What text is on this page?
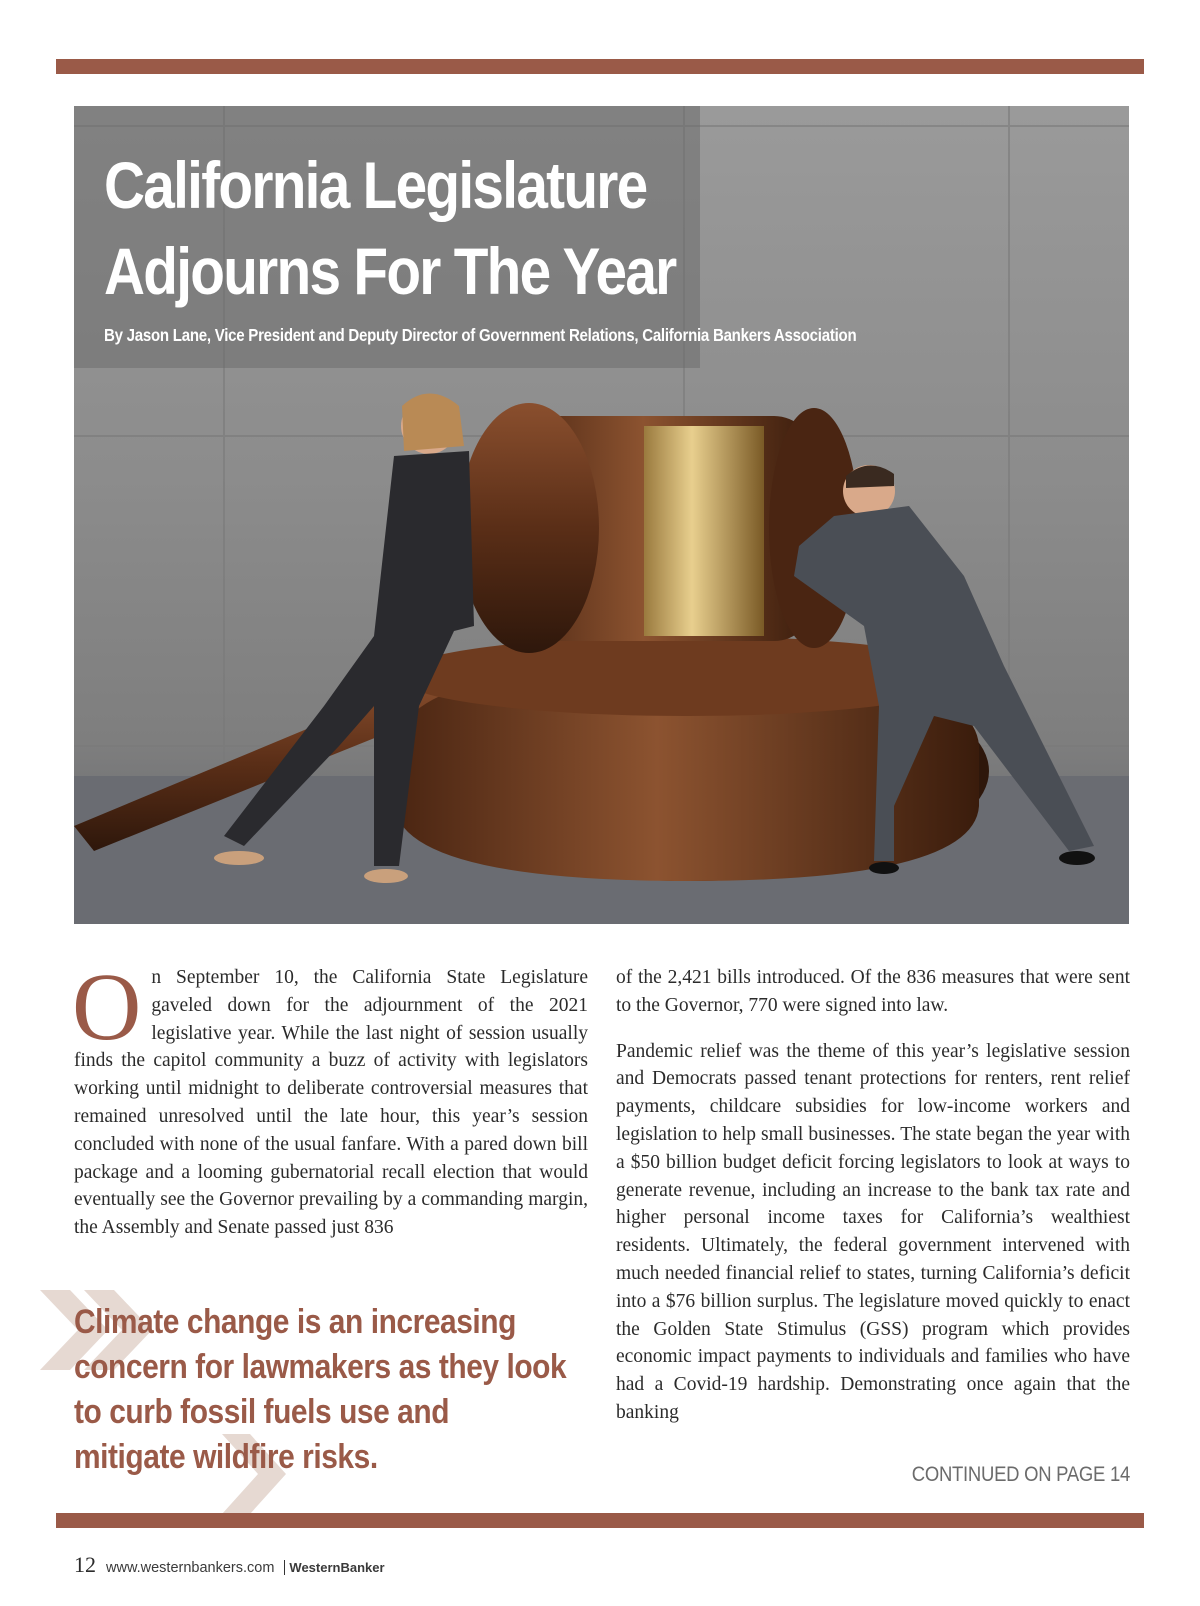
California Legislature
Adjourns For The Year

By Jason Lane, Vice President and Deputy Director of Government Relations, California Bankers Association

O n September 10, the California State Legislature gaveled down for the adjournment of the 2021 legislative year. While the last night of session usually finds the capitol community a buzz of activity with legislators working until midnight to deliberate controversial measures that remained unresolved until the late hour, this year’s session concluded with none of the usual fanfare. With a pared down bill package and a looming gubernatorial recall election that would eventually see the Governor prevailing by a commanding margin, the Assembly and Senate passed just 836

of the 2,421 bills introduced. Of the 836 measures that were sent to the Governor, 770 were signed into law.

Pandemic relief was the theme of this year’s legislative session and Democrats passed tenant protections for renters, rent relief payments, childcare subsidies for low-income workers and legislation to help small businesses. The state began the year with a $50 billion budget deficit forcing legislators to look at ways to generate revenue, including an increase to the bank tax rate and higher personal income taxes for California’s wealthiest residents. Ultimately, the federal government intervened with much needed financial relief to states, turning California’s deficit into a $76 billion surplus. The legislature moved quickly to enact the Golden State Stimulus (GSS) program which provides economic impact payments to individuals and families who have had a Covid-19 hardship. Demonstrating once again that the banking

Climate change is an increasing concern for lawmakers as they look to curb fossil fuels use and mitigate wildfire risks.	CONTINUED ON PAGE 14

12 www.westernbankers.com	WesternBanker
